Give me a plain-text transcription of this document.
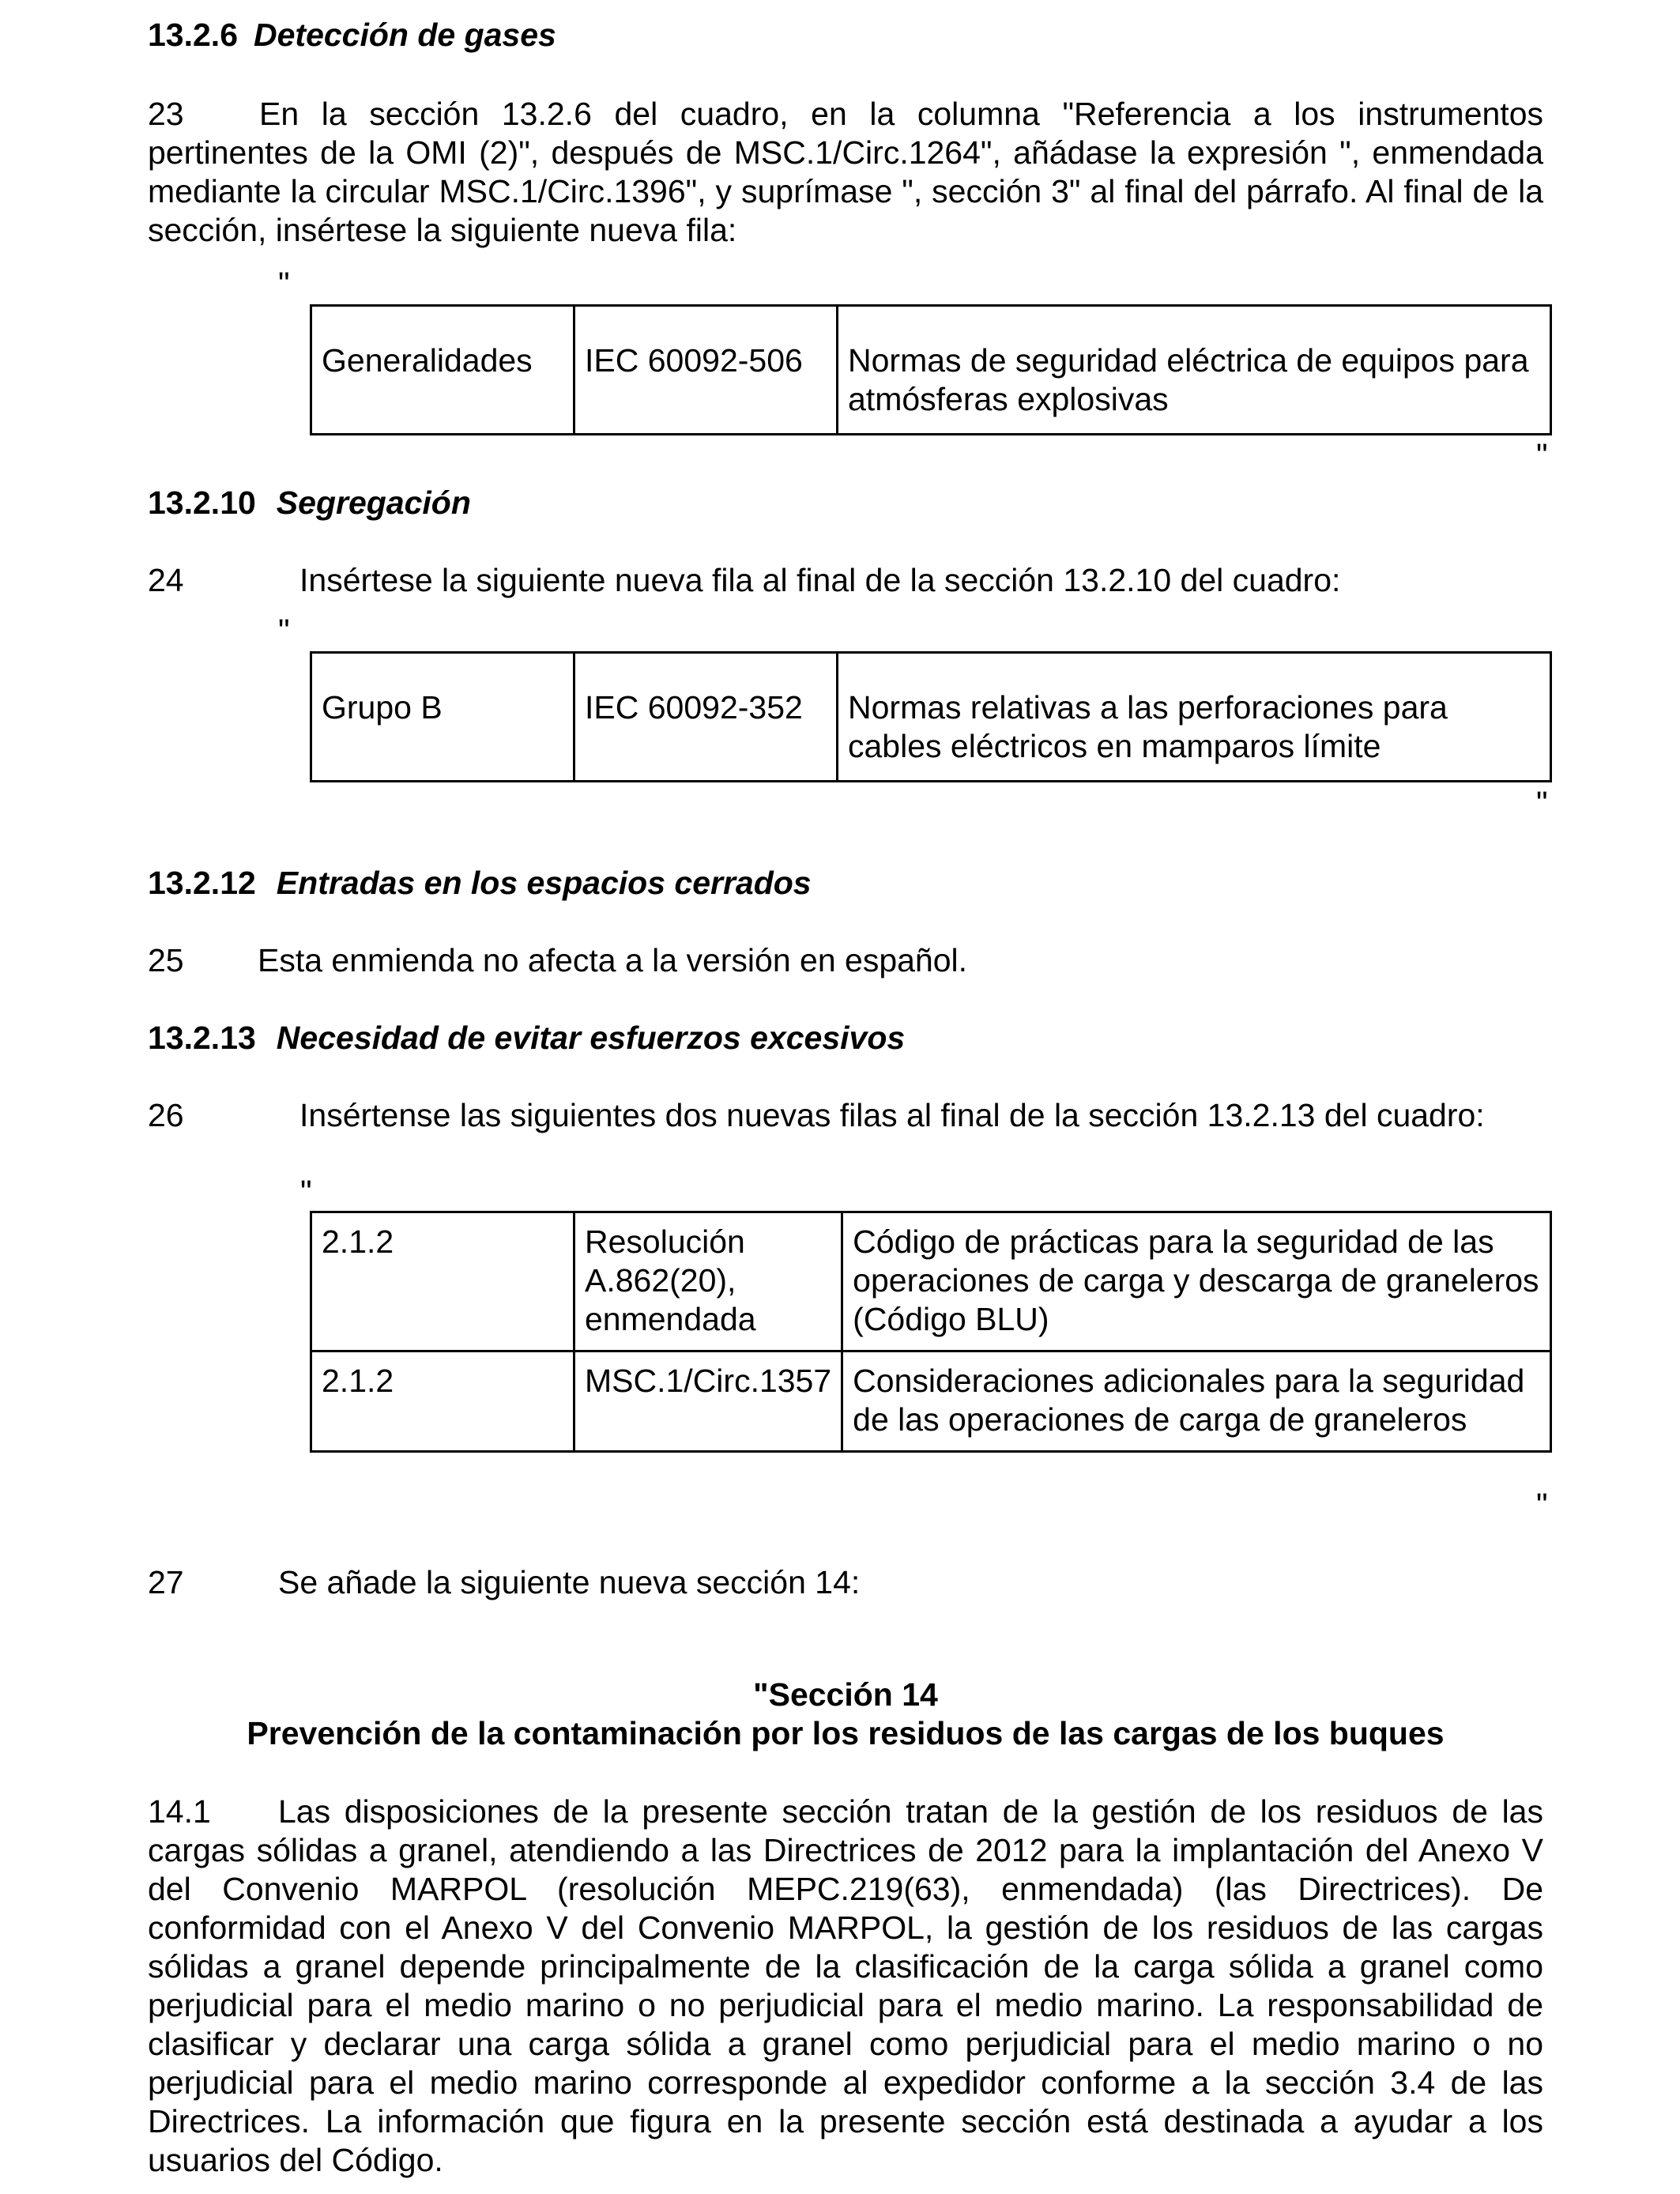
13.2.6 Detección de gases
23 En la sección 13.2.6 del cuadro, en la columna "Referencia a los instrumentos pertinentes de la OMI (2)", después de MSC.1/Circ.1264", añádase la expresión ", enmendada mediante la circular MSC.1/Circ.1396", y suprímase ", sección 3" al final del párrafo. Al final de la sección, insértese la siguiente nueva fila:
"
Generalidades	IEC 60092-506	Normas de seguridad eléctrica de equipos para atmósferas explosivas
"
13.2.10 Segregación
24	Insértese la siguiente nueva fila al final de la sección 13.2.10 del cuadro:
"
Grupo B	IEC 60092-352	Normas relativas a las perforaciones para cables eléctricos en mamparos límite
"
13.2.12 Entradas en los espacios cerrados
25 Esta enmienda no afecta a la versión en español.
13.2.13 Necesidad de evitar esfuerzos excesivos
26	Insértense las siguientes dos nuevas filas al final de la sección 13.2.13 del cuadro:
"
2.1.2	Resolución A.862(20), enmendada	Código de prácticas para la seguridad de las operaciones de carga y descarga de graneleros (Código BLU)
2.1.2	MSC.1/Circ.1357	Consideraciones adicionales para la seguridad de las operaciones de carga de graneleros
"
27	Se añade la siguiente nueva sección 14:
"Sección 14
Prevención de la contaminación por los residuos de las cargas de los buques
14.1 Las disposiciones de la presente sección tratan de la gestión de los residuos de las cargas sólidas a granel, atendiendo a las Directrices de 2012 para la implantación del Anexo V del Convenio MARPOL (resolución MEPC.219(63), enmendada) (las Directrices). De conformidad con el Anexo V del Convenio MARPOL, la gestión de los residuos de las cargas sólidas a granel depende principalmente de la clasificación de la carga sólida a granel como perjudicial para el medio marino o no perjudicial para el medio marino. La responsabilidad de clasificar y declarar una carga sólida a granel como perjudicial para el medio marino o no perjudicial para el medio marino corresponde al expedidor conforme a la sección 3.4 de las Directrices. La información que figura en la presente sección está destinada a ayudar a los usuarios del Código.
